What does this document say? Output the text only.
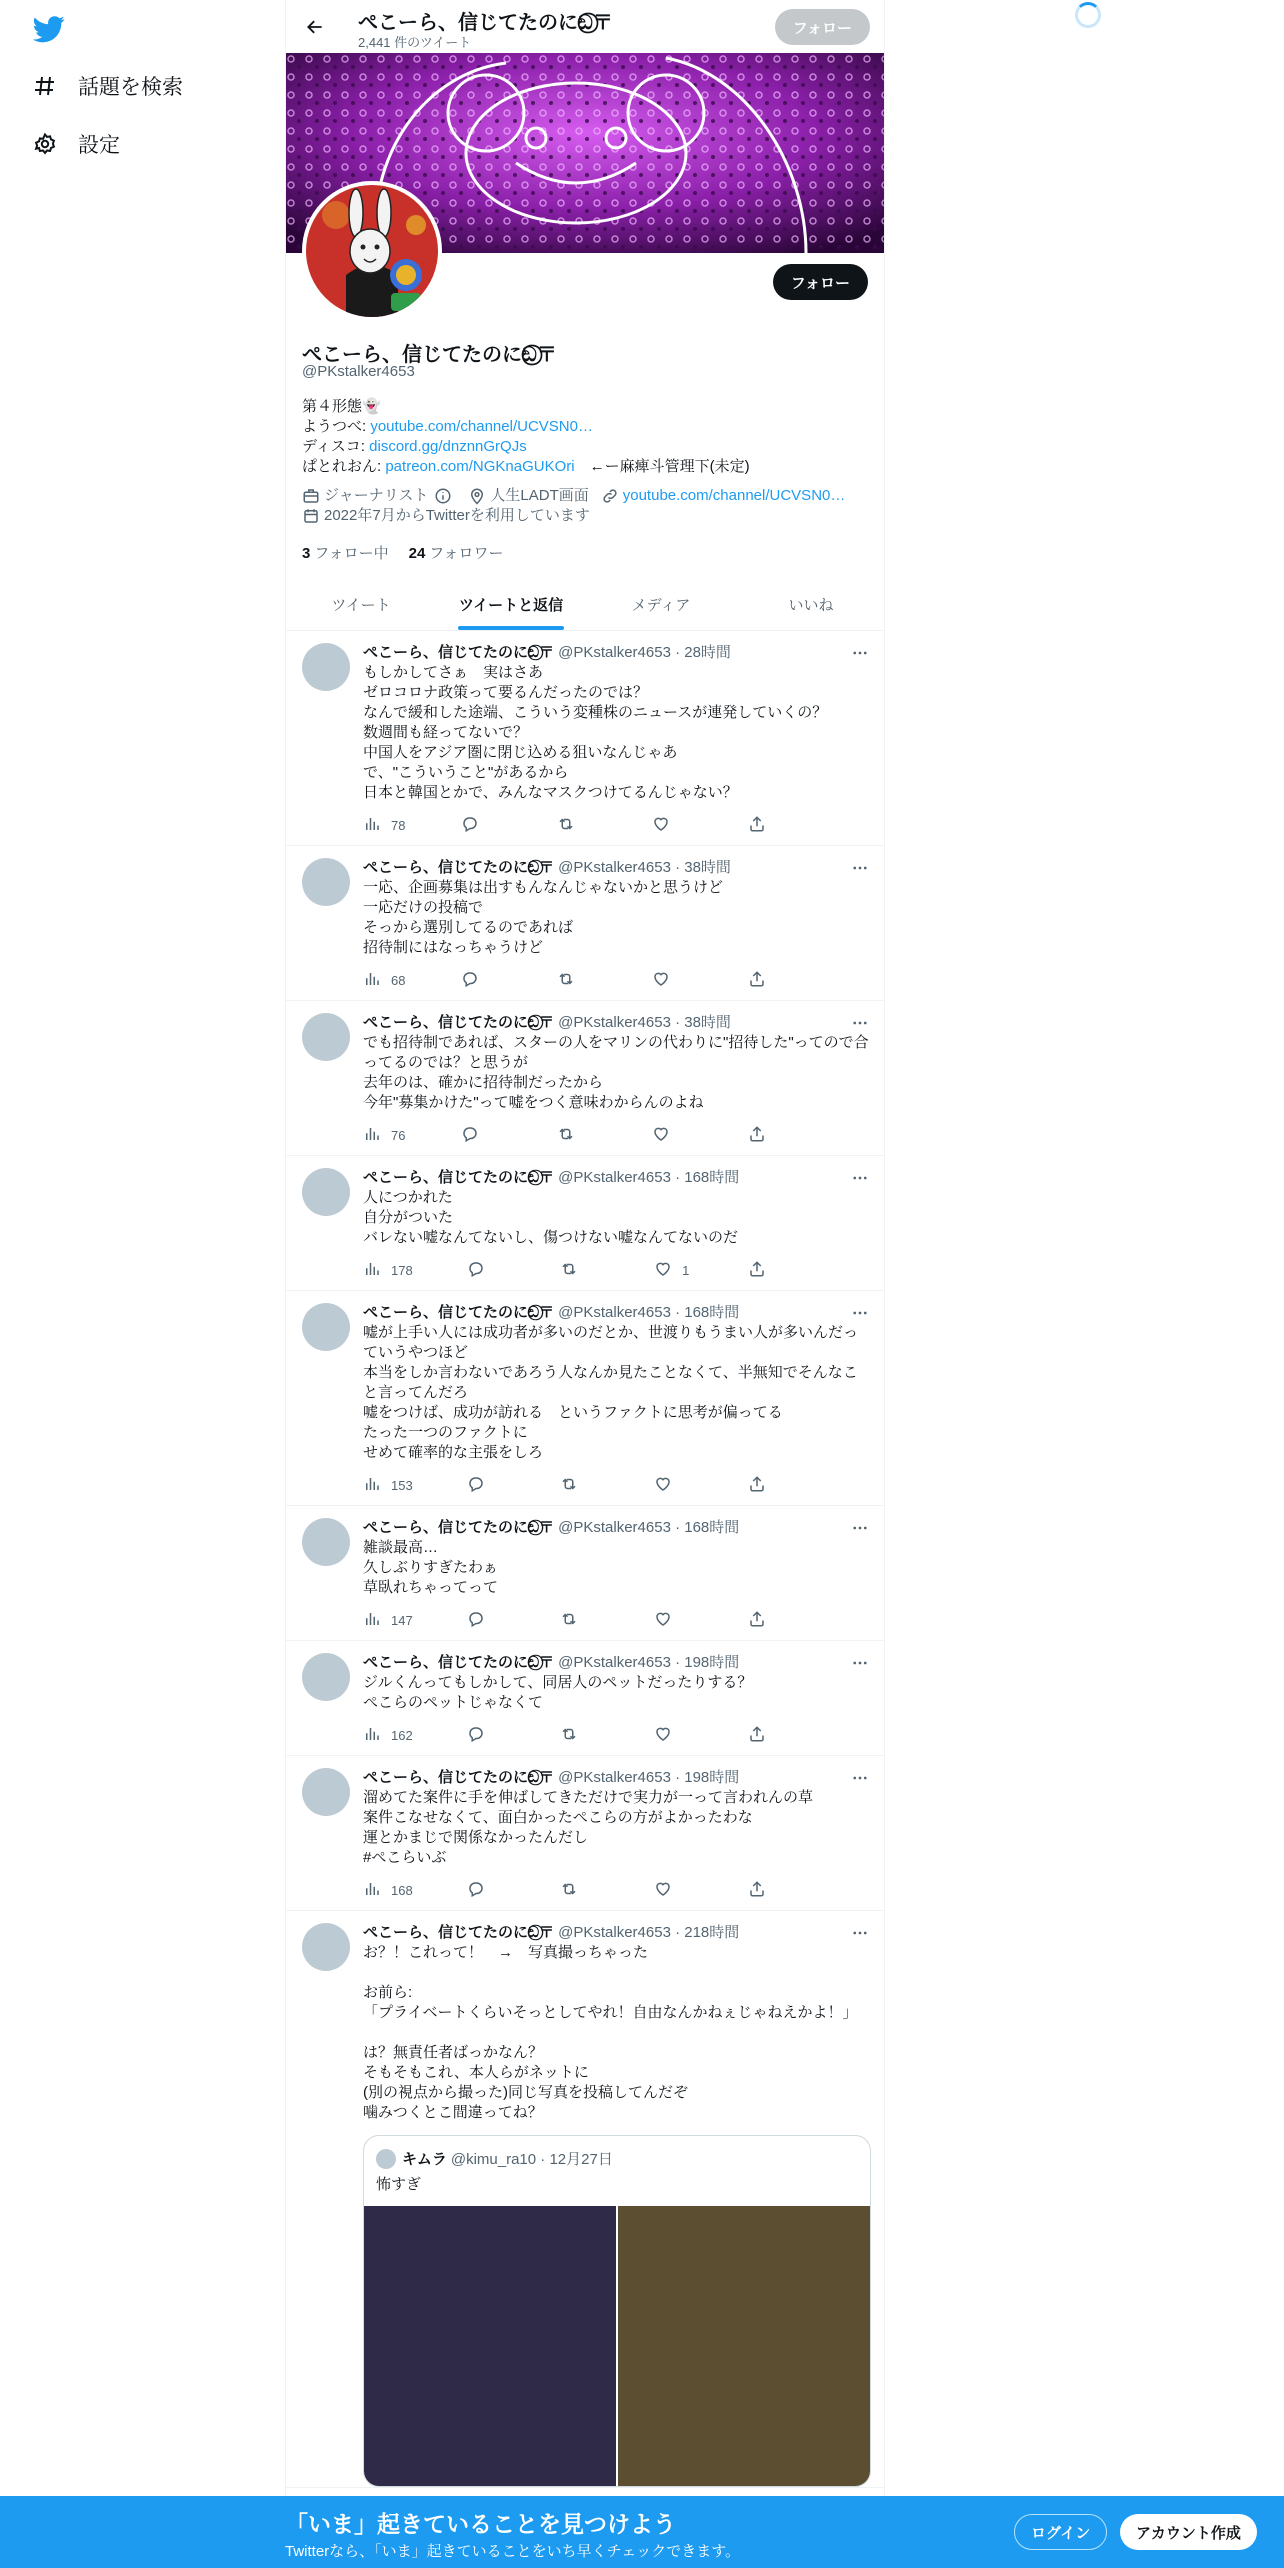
話題を検索
設定
ぺこーら、信じてたのにඞ⃝〒
2,441 件のツイート
フォロー
フォロー
ぺこーら、信じてたのにඞ⃝〒
@PKstalker4653
第４形態👻
ようつべ: youtube.com/channel/UCVSN0…
ディスコ: discord.gg/dnznnGrQJs
ぱとれおん: patreon.com/NGKnaGUKOri　←ー麻痺斗管理下(未定)
ジャーナリスト	人生LADT画面 youtube.com/channel/UCVSN0…
2022年7月からTwitterを利用しています
3 フォロー中 24 フォロワー
ツイート	ツイートと返信	メディア	いいね
ぺこーら、信じてたのにඞ⃝〒 @PKstalker4653 · 28時間
もしかしてさぁ　実はさあ
ゼロコロナ政策って要るんだったのでは？
なんで緩和した途端、こういう変種株のニュースが連発していくの？
数週間も経ってないで？
中国人をアジア圏に閉じ込める狙いなんじゃあ
で、"こういうこと"があるから
日本と韓国とかで、みんなマスクつけてるんじゃない？
78
ぺこーら、信じてたのにඞ⃝〒 @PKstalker4653 · 38時間
一応、企画募集は出すもんなんじゃないかと思うけど
一応だけの投稿で
そっから選別してるのであれば
招待制にはなっちゃうけど
68
ぺこーら、信じてたのにඞ⃝〒 @PKstalker4653 · 38時間
でも招待制であれば、スターの人をマリンの代わりに"招待した"ってので合ってるのでは？と思うが
去年のは、確かに招待制だったから
今年"募集かけた"って嘘をつく意味わからんのよね
76
ぺこーら、信じてたのにඞ⃝〒 @PKstalker4653 · 168時間
人につかれた
自分がついた
バレない嘘なんてないし、傷つけない嘘なんてないのだ
178	1
ぺこーら、信じてたのにඞ⃝〒 @PKstalker4653 · 168時間
嘘が上手い人には成功者が多いのだとか、世渡りもうまい人が多いんだっていうやつほど
本当をしか言わないであろう人なんか見たことなくて、半無知でそんなこと言ってんだろ
嘘をつけば、成功が訪れる　というファクトに思考が偏ってる
たった一つのファクトに
せめて確率的な主張をしろ
153
ぺこーら、信じてたのにඞ⃝〒 @PKstalker4653 · 168時間
雑談最高…
久しぶりすぎたわぁ
草臥れちゃってって
147
ぺこーら、信じてたのにඞ⃝〒 @PKstalker4653 · 198時間
ジルくんってもしかして、同居人のペットだったりする？
ぺこらのペットじゃなくて
162
ぺこーら、信じてたのにඞ⃝〒 @PKstalker4653 · 198時間
溜めてた案件に手を伸ばしてきただけで実力が一って言われんの草
案件こなせなくて、面白かったぺこらの方がよかったわな
運とかまじで関係なかったんだし
#ぺこらいぶ
168
ぺこーら、信じてたのにඞ⃝〒 @PKstalker4653 · 218時間
お？！これって！　→　写真撮っちゃった

お前ら:
「プライベートくらいそっとしてやれ！自由なんかねぇじゃねえかよ！」

は？無責任者ばっかなん？
そもそもこれ、本人らがネットに
(別の視点から撮った)同じ写真を投稿してんだぞ
噛みつくとこ間違ってね？
キムラ @kimu_ra10 · 12月27日
怖すぎ
「いま」起きていることを見つけよう
Twitterなら、「いま」起きていることをいち早くチェックできます。
ログイン	アカウント作成
